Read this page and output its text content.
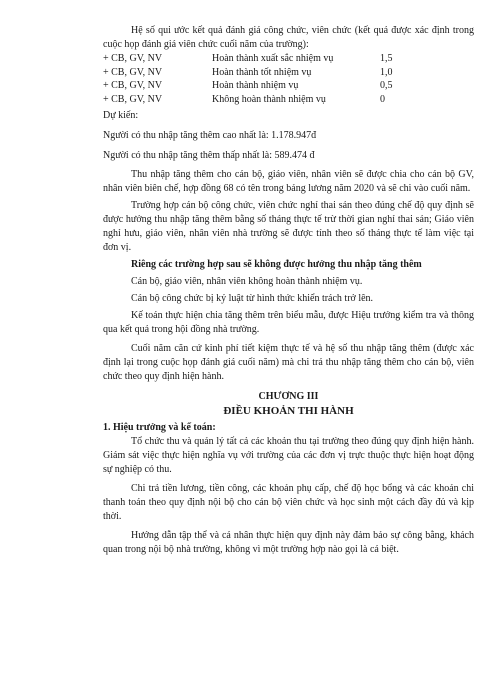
Hệ số qui ước kết quả đánh giá công chức, viên chức (kết quả được xác định trong cuộc họp đánh giá viên chức cuối năm của trường):

+ CB, GV, NV	Hoàn thành xuất sắc nhiệm vụ	1,5
+ CB, GV, NV	Hoàn thành tốt nhiệm vụ	1,0
+ CB, GV, NV	Hoàn thành nhiệm vụ	0,5
+ CB, GV, NV	Không hoàn thành nhiệm vụ	0

Dự kiến:

Người có thu nhập tăng thêm cao nhất là: 1.178.947đ

Người có thu nhập tăng thêm thấp nhất là: 589.474 đ

Thu nhập tăng thêm cho cán bộ, giáo viên, nhân viên sẽ được chia cho cán bộ GV, nhân viên biên chế, hợp đồng 68 có tên trong bảng lương năm 2020 và sẽ chi vào cuối năm.

Trường hợp cán bộ công chức, viên chức nghỉ thai sản theo đúng chế độ quy định sẽ được hưởng thu nhập tăng thêm bằng số tháng thực tế trừ thời gian nghỉ thai sản; Giáo viên nghỉ hưu, giáo viên, nhân viên nhà trường sẽ được tính theo số tháng thực tế làm việc tại đơn vị.

Riêng các trường hợp sau sẽ không được hưởng thu nhập tăng thêm

Cán bộ, giáo viên, nhân viên không hoàn thành nhiệm vụ.

Cán bộ công chức bị kỷ luật từ hình thức khiển trách trở lên.

Kế toán thực hiện chia tăng thêm trên biểu mẫu, được Hiệu trưởng kiểm tra và thông qua kết quả trong hội đồng nhà trường.

Cuối năm căn cứ kinh phí tiết kiệm thực tế và hệ số thu nhập tăng thêm (được xác định lại trong cuộc họp đánh giá cuối năm) mà chi trả thu nhập tăng thêm cho cán bộ, viên chức theo quy định hiện hành.

CHƯƠNG III

ĐIỀU KHOẢN THI HÀNH

1. Hiệu trưởng và kế toán:

Tổ chức thu và quản lý tất cả các khoản thu tại trường theo đúng quy định hiện hành. Giám sát việc thực hiện nghĩa vụ với trường của các đơn vị trực thuộc thực hiện hoạt động sự nghiệp có thu.

Chi trả tiền lương, tiền công, các khoản phụ cấp, chế độ học bổng và các khoản chi thanh toán theo quy định nội bộ cho cán bộ viên chức và học sinh một cách đầy đủ và kịp thời.

Hướng dẫn tập thể và cá nhân thực hiện quy định này đảm bảo sự công bằng, khách quan trong nội bộ nhà trường, không vì một trường hợp nào gọi là cá biệt.
